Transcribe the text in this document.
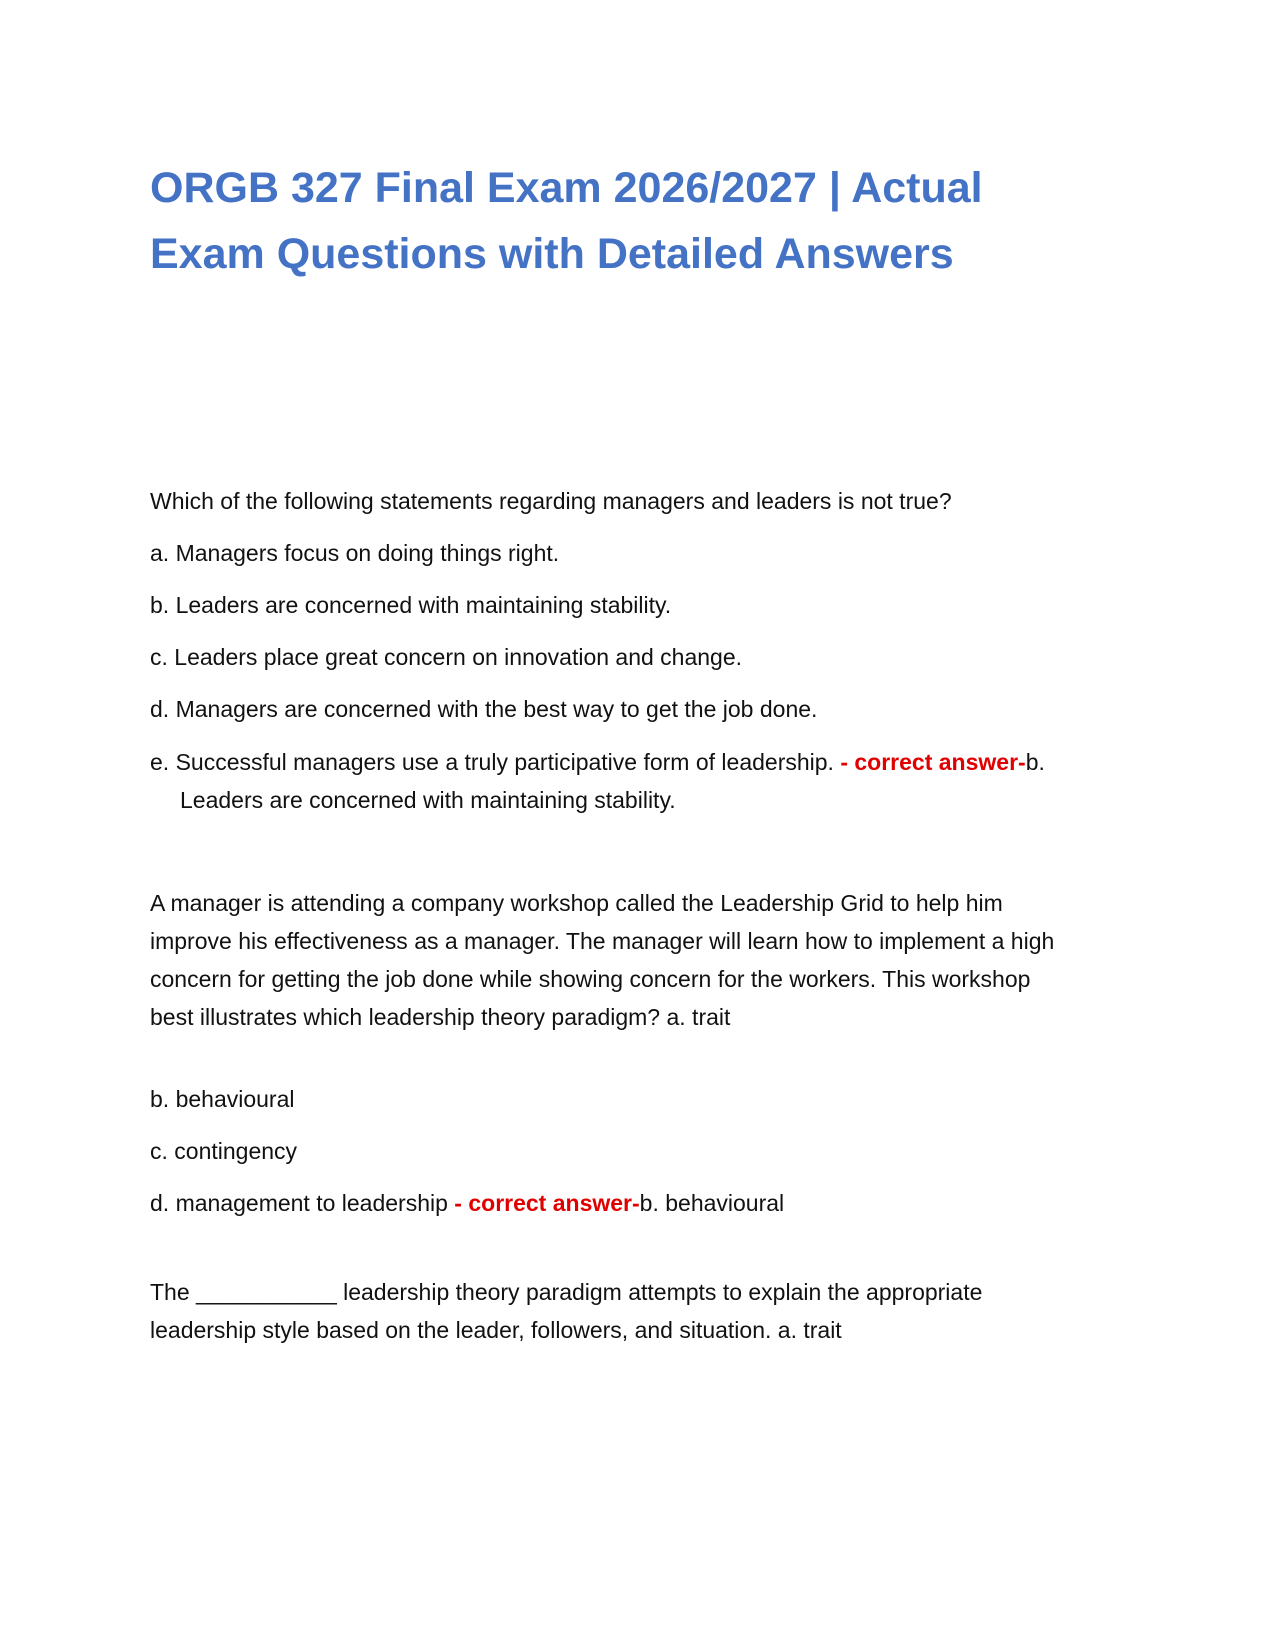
ORGB 327 Final Exam 2026/2027 | Actual Exam Questions with Detailed Answers

Which of the following statements regarding managers and leaders is not true?

a. Managers focus on doing things right.

b. Leaders are concerned with maintaining stability.

c. Leaders place great concern on innovation and change.

d. Managers are concerned with the best way to get the job done.

e. Successful managers use a truly participative form of leadership. - correct answer-b. Leaders are concerned with maintaining stability.

A manager is attending a company workshop called the Leadership Grid to help him improve his effectiveness as a manager. The manager will learn how to implement a high concern for getting the job done while showing concern for the workers. This workshop best illustrates which leadership theory paradigm? a. trait

b. behavioural

c. contingency

d. management to leadership - correct answer-b. behavioural

The ___________ leadership theory paradigm attempts to explain the appropriate leadership style based on the leader, followers, and situation. a. trait
